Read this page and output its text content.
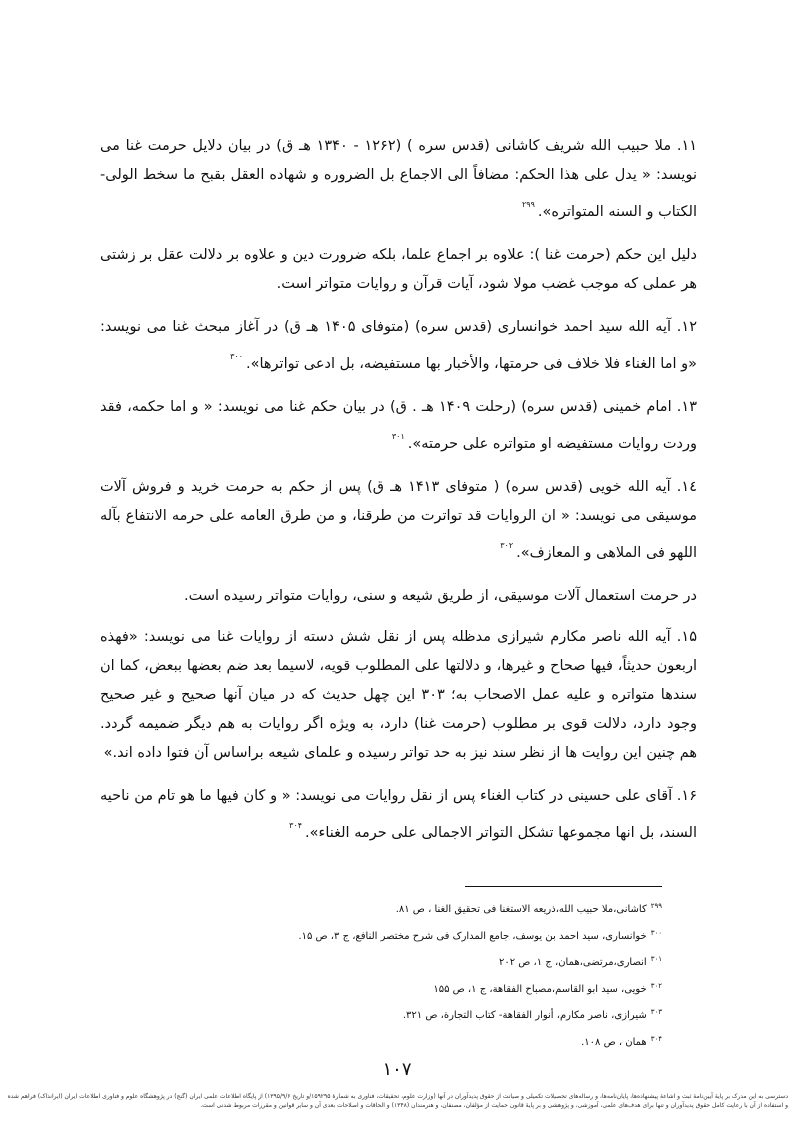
۱۱. ملا حبیب الله شریف کاشانی (قدس سره ) (۱۲۶۲ - ۱۳۴۰ هـ ق) در بیان دلایل حرمت غنا می نویسد: « یدل علی هذا الحکم: مضافاً الی الاجماع بل الضروره و شهاده العقل بقبح ما سخط الولی- الکتاب و السنه المتواتره».$^{۲۹۹}$

دلیل این حکم (حرمت غنا ): علاوه بر اجماع علما، بلکه ضرورت دین و علاوه بر دلالت عقل بر زشتی هر عملی که موجب غضب مولا شود، آیات قرآن و روایات متواتر است.

۱۲. آیه الله سید احمد خوانساری (قدس سره) (متوفای ۱۴۰۵ هـ ق) در آغاز مبحث غنا می نویسد: «و اما الغناء فلا خلاف فی حرمتها، والأخبار بها مستفیضه، بل ادعی تواترها».$^{۳۰۰}$

۱۳. امام خمینی (قدس سره) (رحلت ۱۴۰۹ هـ . ق) در بیان حکم غنا می نویسد: « و اما حکمه، فقد وردت روایات مستفیضه او متواتره علی حرمته».$^{۳۰۱}$

۱٤. آیه الله خویی (قدس سره) ( متوفای ۱۴۱۳ هـ ق) پس از حکم به حرمت خرید و فروش آلات موسیقی می نویسد: « ان الروایات قد تواترت من طرقنا، و من طرق العامه علی حرمه الانتفاع بآله اللهو فی الملاهی و المعازف».$^{۳۰۲}$

در حرمت استعمال آلات موسیقی، از طریق شیعه و سنی، روایات متواتر رسیده است.

۱۵. آیه الله ناصر مکارم شیرازی مدظله پس از نقل شش دسته از روایات غنا می نویسد: «فهذه اربعون حدیثاً، فیها صحاح و غیرها، و دلالتها علی المطلوب قویه، لاسیما بعد ضم بعضها ببعض، کما ان سندها متواتره و علیه عمل الاصحاب به؛ ۳۰۳ این چهل حدیث که در میان آنها صحیح و غیر صحیح وجود دارد، دلالت قوی بر مطلوب (حرمت غنا) دارد، به ویژه اگر روایات به هم دیگر ضمیمه گردد. هم چنین این روایت ها از نظر سند نیز به حد تواتر رسیده و علمای شیعه براساس آن فتوا داده اند.»

۱۶. آقای علی حسینی در کتاب الغناء پس از نقل روایات می نویسد: « و کان فیها ما هو تام من ناحیه السند، بل انها مجموعها تشکل التواتر الاجمالی علی حرمه الغناء».$^{۳۰۴}$

$^{۲۹۹}$کاشانی،ملا حبیب الله،ذریعه الاستغنا فی تحقیق الغنا ، ص ۸۱.
$^{۳۰۰}$خوانساری، سید احمد بن یوسف، جامع المدارک فی شرح مختصر النافع، ج ۳، ص ۱۵.
$^{۳۰۱}$انصاری،مرتضی،همان، ج ۱، ص ۲۰۲
$^{۳۰۲}$خویی، سید ابو القاسم،مصباح الفقاهة، ج ۱، ص ۱۵۵
$^{۳۰۳}$شیرازی، ناصر مکارم، أنوار الفقاهة- کتاب التجارة، ص ۳۲۱.
$^{۳۰۴}$همان ، ص ۱۰۸.
۱۰۷
دسترسی به این مدرک بر پایهٔ آیین‌نامهٔ ثبت و اشاعهٔ پیشنهاده‌ها، پایان‌نامه‌ها، و رساله‌های تحصیلات تکمیلی و صیانت از حقوق پدیدآوران در آنها (وزارت علوم، تحقیقات، فناوری به شمارهٔ ۱۵۹۲۹۵/و تاریخ ۱۳۹۵/۹/۶) از پایگاه اطلاعات علمی ایران (گنج) در پژوهشگاه علوم و فناوری اطلاعات ایران (ایرانداک) فراهم شده و استفاده از آن با رعایت کامل حقوق پدیدآوران و تنها برای هدف‌های علمی، آموزشی، و پژوهشی و بر پایهٔ قانون حمایت از مؤلفان، مصنفان، و هنرمندان (۱۳۴۸) و الحاقات و اصلاحات بعدی آن و سایر قوانین و مقررات مربوط شدنی است.
